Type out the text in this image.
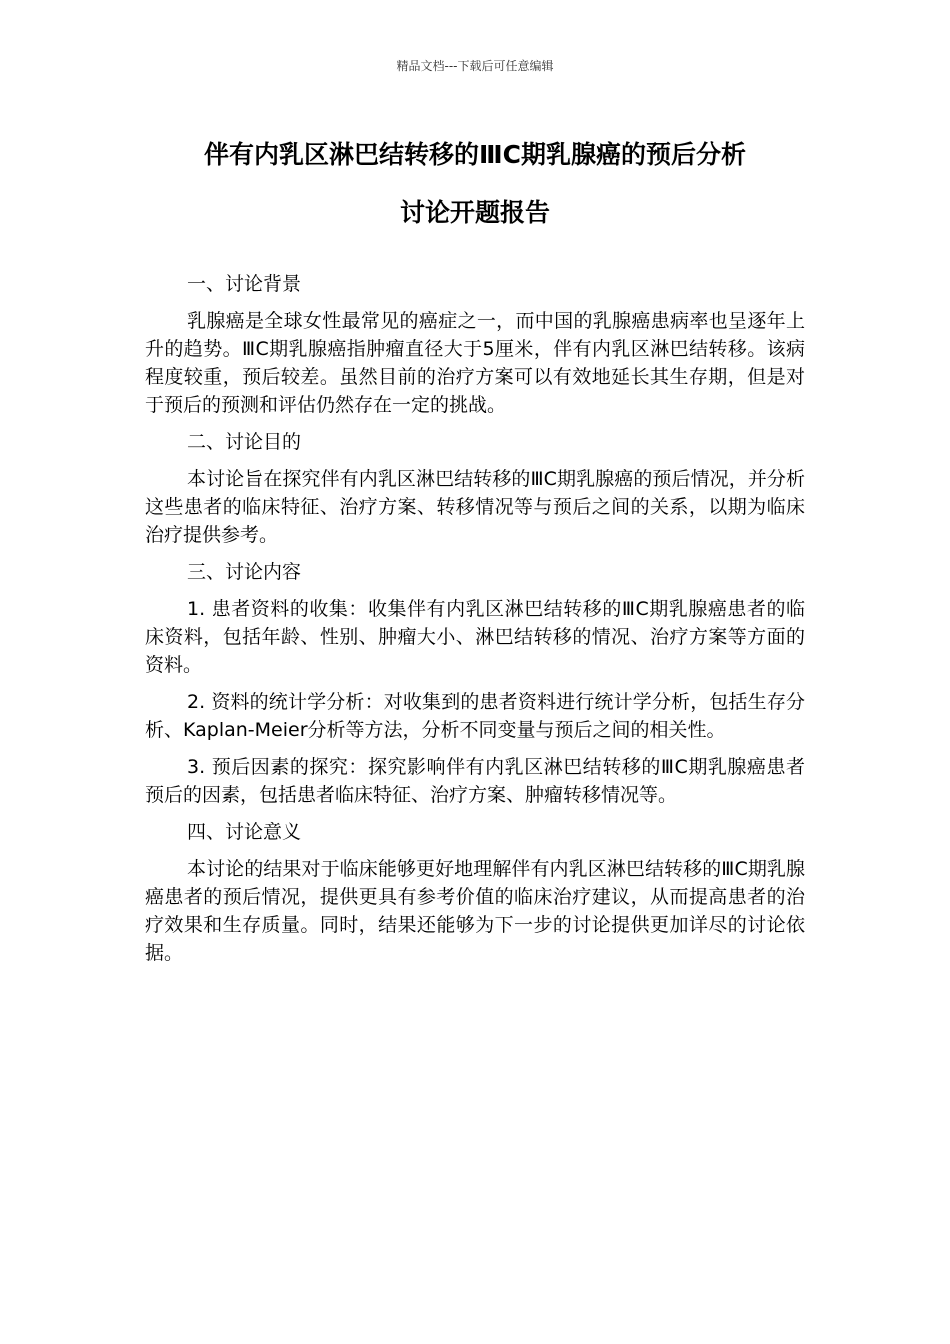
精品文档---下载后可任意编辑
伴有内乳区淋巴结转移的ⅢC期乳腺癌的预后分析
讨论开题报告

一、讨论背景

乳腺癌是全球女性最常见的癌症之一，而中国的乳腺癌患病率也呈逐年上升的趋势。ⅢC期乳腺癌指肿瘤直径大于5厘米，伴有内乳区淋巴结转移。该病程度较重，预后较差。虽然目前的治疗方案可以有效地延长其生存期，但是对于预后的预测和评估仍然存在一定的挑战。

二、讨论目的

本讨论旨在探究伴有内乳区淋巴结转移的ⅢC期乳腺癌的预后情况，并分析这些患者的临床特征、治疗方案、转移情况等与预后之间的关系，以期为临床治疗提供参考。

三、讨论内容

1. 患者资料的收集：收集伴有内乳区淋巴结转移的ⅢC期乳腺癌患者的临床资料，包括年龄、性别、肿瘤大小、淋巴结转移的情况、治疗方案等方面的资料。

2. 资料的统计学分析：对收集到的患者资料进行统计学分析，包括生存分析、Kaplan-Meier分析等方法，分析不同变量与预后之间的相关性。

3. 预后因素的探究：探究影响伴有内乳区淋巴结转移的ⅢC期乳腺癌患者预后的因素，包括患者临床特征、治疗方案、肿瘤转移情况等。

四、讨论意义

本讨论的结果对于临床能够更好地理解伴有内乳区淋巴结转移的ⅢC期乳腺癌患者的预后情况，提供更具有参考价值的临床治疗建议，从而提高患者的治疗效果和生存质量。同时，结果还能够为下一步的讨论提供更加详尽的讨论依据。
